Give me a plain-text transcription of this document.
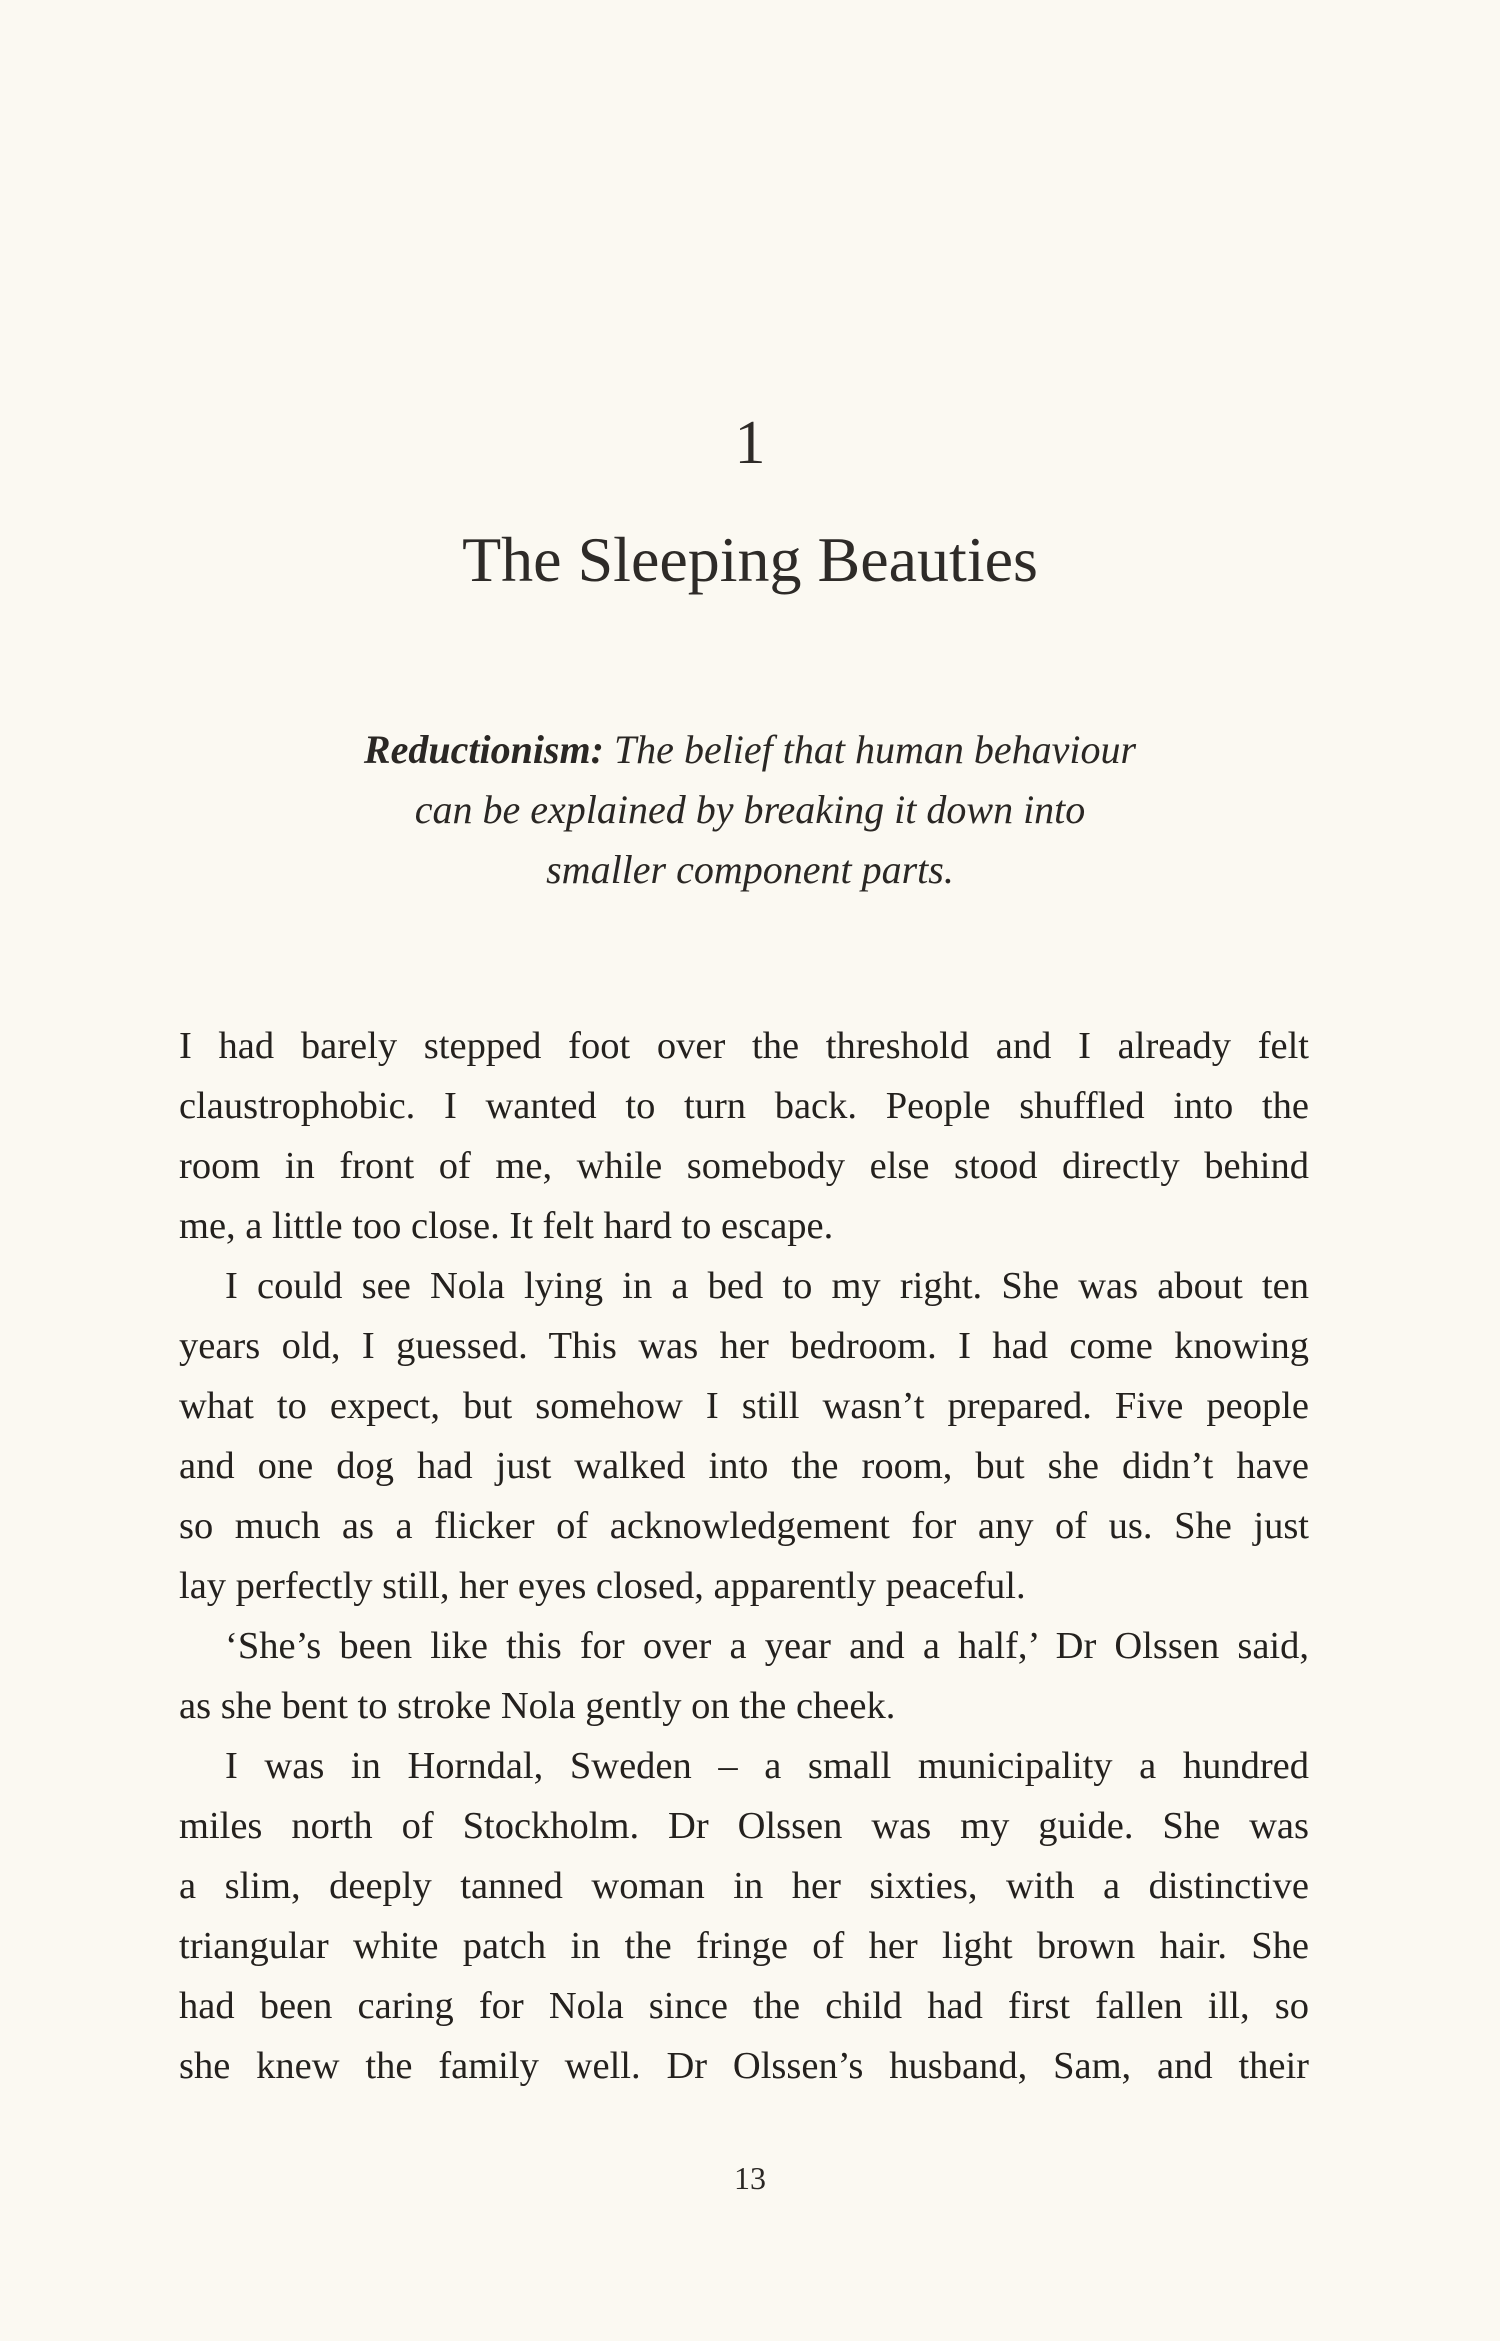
1
The Sleeping Beauties
Reductionism: The belief that human behaviour
can be explained by breaking it down into
smaller component parts.
I had barely stepped foot over the threshold and I already felt
claustrophobic. I wanted to turn back. People shuffled into the
room in front of me, while somebody else stood directly behind
me, a little too close. It felt hard to escape.
I could see Nola lying in a bed to my right. She was about ten
years old, I guessed. This was her bedroom. I had come knowing
what to expect, but somehow I still wasn’t prepared. Five people
and one dog had just walked into the room, but she didn’t have
so much as a flicker of acknowledgement for any of us. She just
lay perfectly still, her eyes closed, apparently peaceful.
‘She’s been like this for over a year and a half,’ Dr Olssen said,
as she bent to stroke Nola gently on the cheek.
I was in Horndal, Sweden – a small municipality a hundred
miles north of Stockholm. Dr Olssen was my guide. She was
a slim, deeply tanned woman in her sixties, with a distinctive
triangular white patch in the fringe of her light brown hair. She
had been caring for Nola since the child had first fallen ill, so
she knew the family well. Dr Olssen’s husband, Sam, and their
13
